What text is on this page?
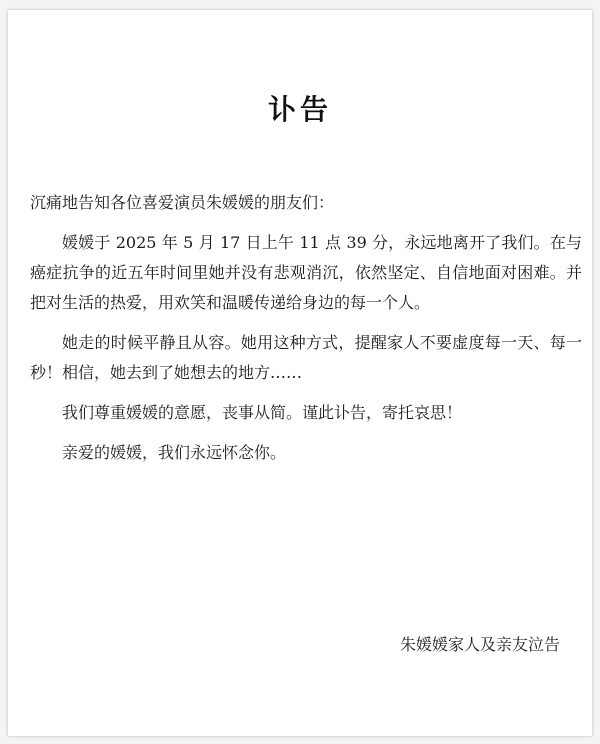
讣告

沉痛地告知各位喜爱演员朱媛媛的朋友们：

媛媛于 2025 年 5 月 17 日上午 11 点 39 分，永远地离开了我们。在与癌症抗争的近五年时间里她并没有悲观消沉，依然坚定、自信地面对困难。并把对生活的热爱，用欢笑和温暖传递给身边的每一个人。

她走的时候平静且从容。她用这种方式，提醒家人不要虚度每一天、每一秒！相信，她去到了她想去的地方……

我们尊重媛媛的意愿，丧事从简。谨此讣告，寄托哀思！

亲爱的媛媛，我们永远怀念你。

朱媛媛家人及亲友泣告
